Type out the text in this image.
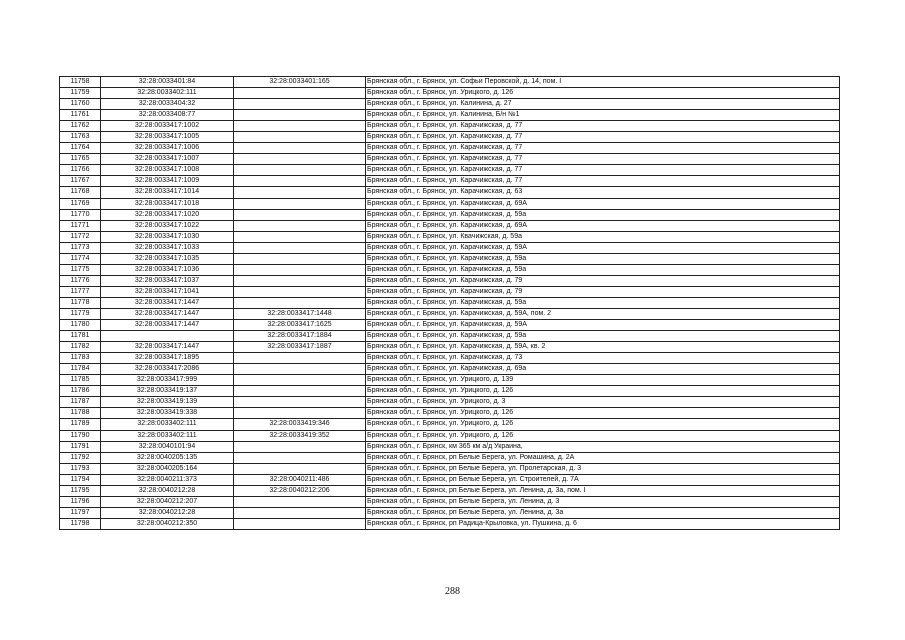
11758	32:28:0033401:84	32:28:0033401:165	Брянская обл., г. Брянск, ул. Софьи Перовской, д. 14, пом. I
11759	32:28:0033402:111		Брянская обл., г. Брянск, ул. Урицкого, д. 126
11760	32:28:0033404:32		Брянская обл., г. Брянск, ул. Калинина, д. 27
11761	32:28:0033408:77		Брянская обл., г. Брянск, ул. Калинина, Б/н №1
11762	32:28:0033417:1002		Брянская обл., г. Брянск, ул. Карачижская, д. 77
11763	32:28:0033417:1005		Брянская обл., г. Брянск, ул. Карачижская, д. 77
11764	32:28:0033417:1006		Брянская обл., г. Брянск, ул. Карачижская, д. 77
11765	32:28:0033417:1007		Брянская обл., г. Брянск, ул. Карачижская, д. 77
11766	32:28:0033417:1008		Брянская обл., г. Брянск, ул. Карачижская, д. 77
11767	32:28:0033417:1009		Брянская обл., г. Брянск, ул. Карачижская, д. 77
11768	32:28:0033417:1014		Брянская обл., г. Брянск, ул. Карачижская, д. 63
11769	32:28:0033417:1018		Брянская обл., г. Брянск, ул. Карачижская, д. 69А
11770	32:28:0033417:1020		Брянская обл., г. Брянск, ул. Карачижская, д. 59а
11771	32:28:0033417:1022		Брянская обл., г. Брянск, ул. Карачижская, д. 69А
11772	32:28:0033417:1030		Брянская обл., г. Брянск, ул. Квачижская, д. 59а
11773	32:28:0033417:1033		Брянская обл., г. Брянск, ул. Карачижская, д. 59А
11774	32:28:0033417:1035		Брянская обл., г. Брянск, ул. Карачижская, д. 59а
11775	32:28:0033417:1036		Брянская обл., г. Брянск, ул. Карачижская, д. 59а
11776	32:28:0033417:1037		Брянская обл., г. Брянск, ул. Карачижская, д. 79
11777	32:28:0033417:1041		Брянская обл., г. Брянск, ул. Карачижская, д. 79
11778	32:28:0033417:1447		Брянская обл., г. Брянск, ул. Карачижская, д. 59а
11779	32:28:0033417:1447	32:28:0033417:1448	Брянская обл., г. Брянск, ул. Карачижская, д. 59А, пом. 2
11780	32:28:0033417:1447	32:28:0033417:1625	Брянская обл., г. Брянск, ул. Карачижская, д. 59А
11781		32:28:0033417:1884	Брянская обл., г. Брянск, ул. Карачижская, д. 59а
11782	32:28:0033417:1447	32:28:0033417:1887	Брянская обл., г. Брянск, ул. Карачижская, д. 59А, кв. 2
11783	32:28:0033417:1895		Брянская обл., г. Брянск, ул. Карачижская, д. 73
11784	32:28:0033417:2086		Брянская обл., г. Брянск, ул. Карачижская, д. 69а
11785	32:28:0033417:999		Брянская обл., г. Брянск, ул. Урицкого, д. 139
11786	32:28:0033419:137		Брянская обл., г. Брянск, ул. Урицкого, д. 126
11787	32:28:0033419:139		Брянская обл., г. Брянск, ул. Урицкого, д. 3
11788	32:28:0033419:338		Брянская обл., г. Брянск, ул. Урицкого, д. 126
11789	32:28:0033402:111	32:28:0033419:346	Брянская обл., г. Брянск, ул. Урицкого, д. 126
11790	32:28:0033402:111	32:28:0033419:352	Брянская обл., г. Брянск, ул. Урицкого, д. 126
11791	32:28:0040101:94		Брянская обл., г. Брянск, км 365 км а/д Украина,
11792	32:28:0040205:135		Брянская обл., г. Брянск, рп Белые Берега, ул. Ромашина, д. 2А
11793	32:28:0040205:164		Брянская обл., г. Брянск, рп Белые Берега, ул. Пролетарская, д. 3
11794	32:28:0040211:373	32:28:0040211:486	Брянская обл., г. Брянск, рп Белые Берега, ул. Строителей, д. 7А
11795	32:28:0040212:28	32:28:0040212:206	Брянская обл., г. Брянск, рп Белые Берега, ул. Ленина, д. 3а, пом. I
11796	32:28:0040212:207		Брянская обл., г. Брянск, рп Белые Берега, ул. Ленина, д. 3
11797	32:28:0040212:28		Брянская обл., г. Брянск, рп Белые Берега, ул. Ленина, д. 3а
11798	32:28:0040212:350		Брянская обл., г. Брянск, рп Радица-Крыловка, ул. Пушкина, д. 6
288
